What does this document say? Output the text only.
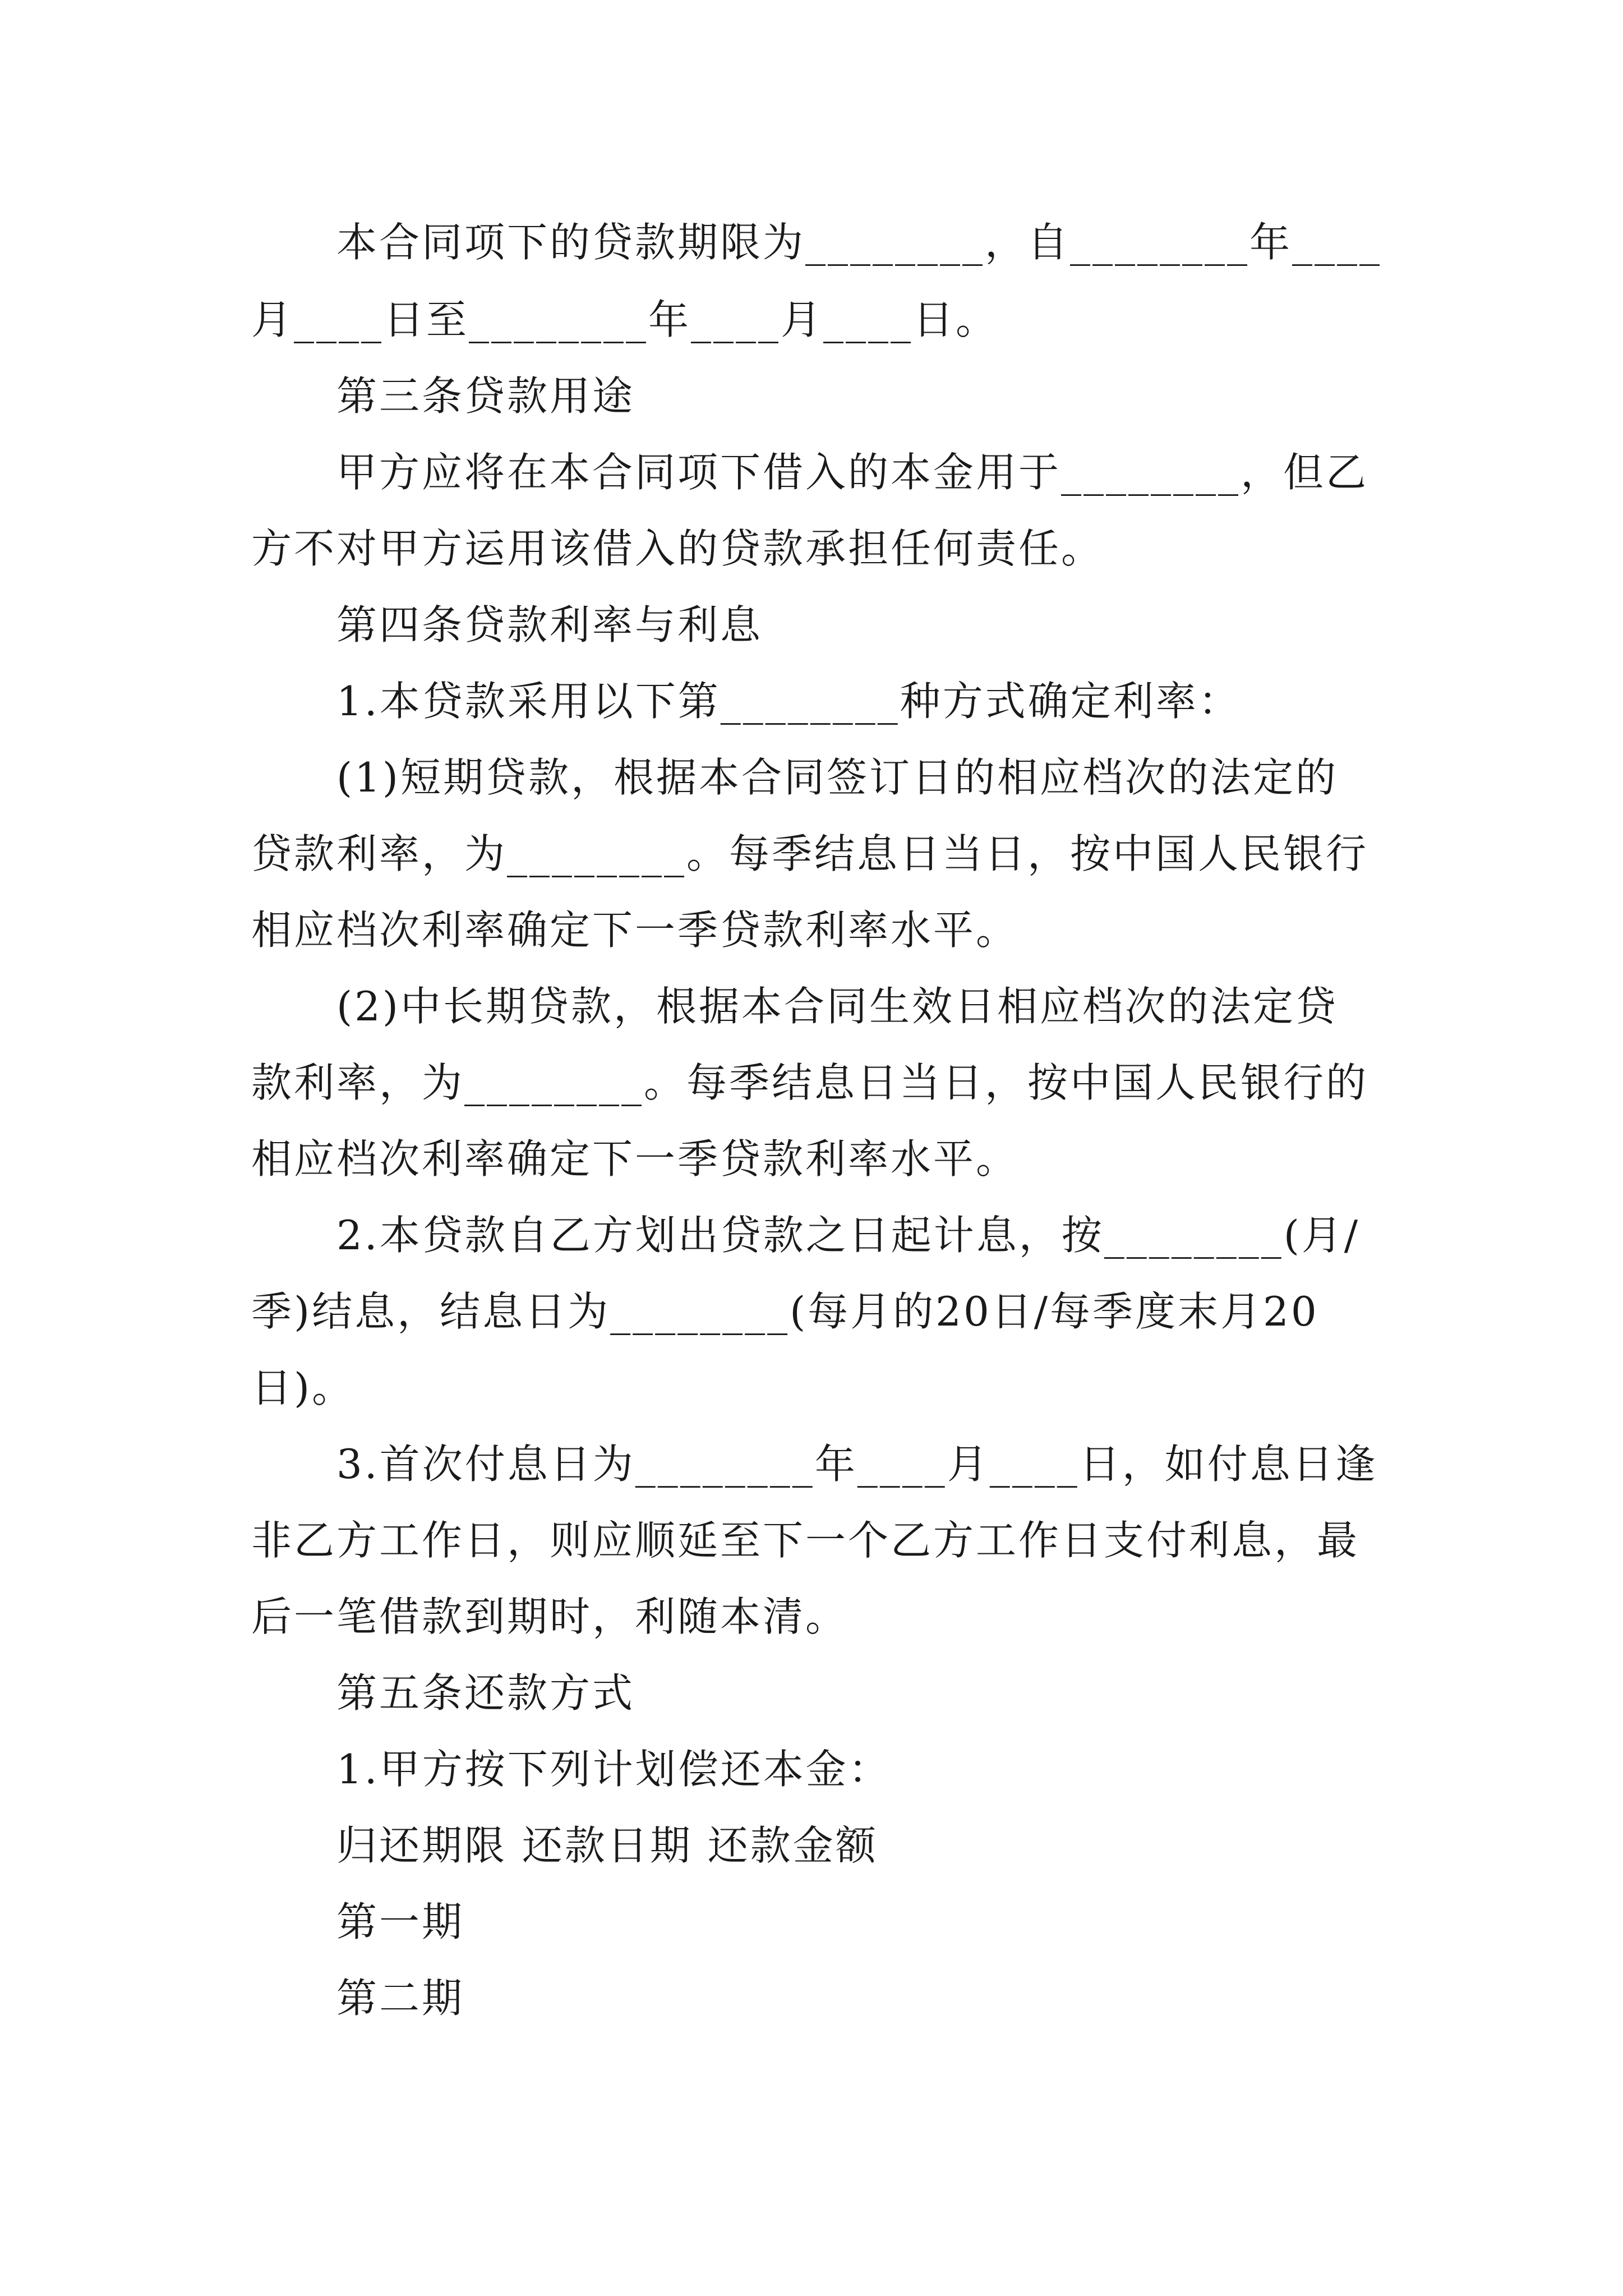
本合同项下的贷款期限为________，自________年____
月____日至________年____月____日。
第三条贷款用途
甲方应将在本合同项下借入的本金用于________，但乙
方不对甲方运用该借入的贷款承担任何责任。
第四条贷款利率与利息
1.本贷款采用以下第________种方式确定利率：
(1)短期贷款，根据本合同签订日的相应档次的法定的
贷款利率，为________。每季结息日当日，按中国人民银行
相应档次利率确定下一季贷款利率水平。
(2)中长期贷款，根据本合同生效日相应档次的法定贷
款利率，为________。每季结息日当日，按中国人民银行的
相应档次利率确定下一季贷款利率水平。
2.本贷款自乙方划出贷款之日起计息，按________(月/
季)结息，结息日为________(每月的20日/每季度末月20
日)。
3.首次付息日为________年____月____日，如付息日逢
非乙方工作日，则应顺延至下一个乙方工作日支付利息，最
后一笔借款到期时，利随本清。
第五条还款方式
1.甲方按下列计划偿还本金：
归还期限 还款日期 还款金额
第一期
第二期
